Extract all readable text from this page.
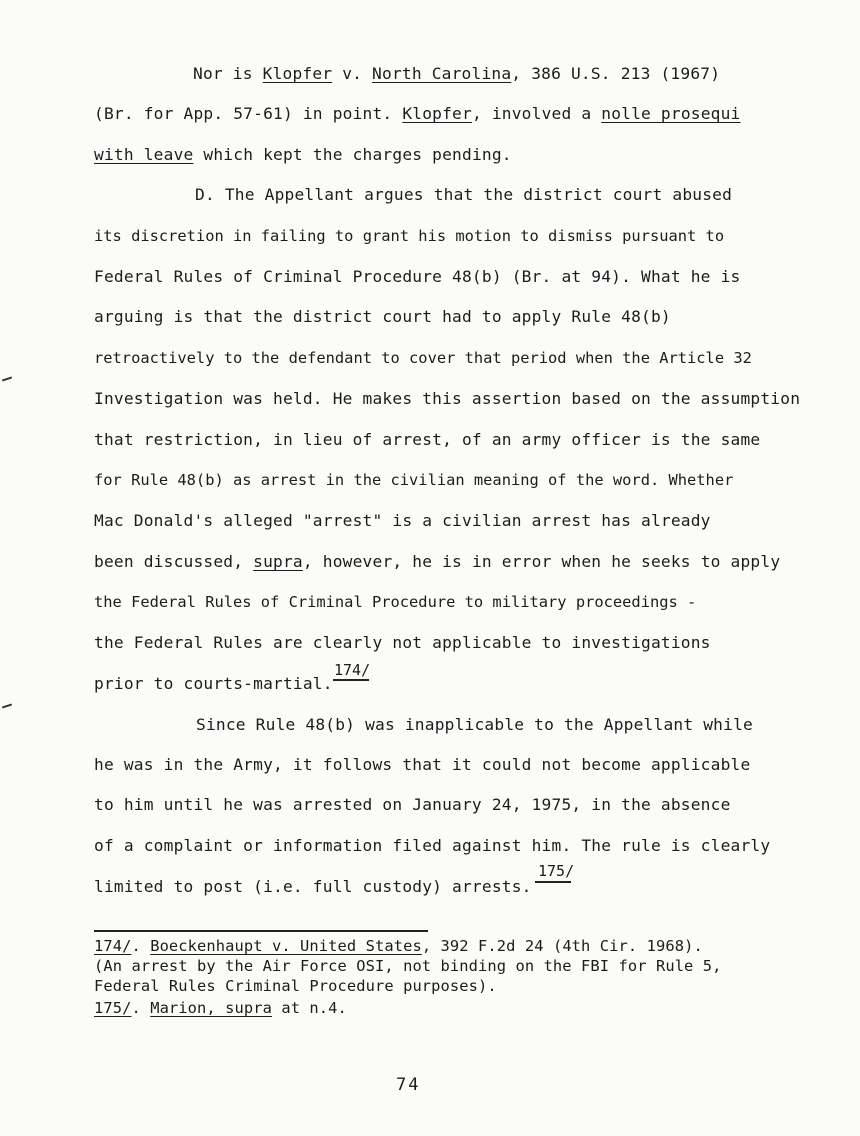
Nor is Klopfer v. North Carolina, 386 U.S. 213 (1967)
(Br. for App. 57-61) in point. Klopfer, involved a nolle prosequi
with leave which kept the charges pending.
D. The Appellant argues that the district court abused
its discretion in failing to grant his motion to dismiss pursuant to
Federal Rules of Criminal Procedure 48(b) (Br. at 94). What he is
arguing is that the district court had to apply Rule 48(b)
retroactively to the defendant to cover that period when the Article 32
Investigation was held. He makes this assertion based on the assumption
that restriction, in lieu of arrest, of an army officer is the same
for Rule 48(b) as arrest in the civilian meaning of the word. Whether
Mac Donald's alleged "arrest" is a civilian arrest has already
been discussed, supra, however, he is in error when he seeks to apply
the Federal Rules of Criminal Procedure to military proceedings -
the Federal Rules are clearly not applicable to investigations
prior to courts-martial.
174/
Since Rule 48(b) was inapplicable to the Appellant while
he was in the Army, it follows that it could not become applicable
to him until he was arrested on January 24, 1975, in the absence
of a complaint or information filed against him. The rule is clearly
limited to post (i.e. full custody) arrests.
175/
174/. Boeckenhaupt v. United States, 392 F.2d 24 (4th Cir. 1968).
(An arrest by the Air Force OSI, not binding on the FBI for Rule 5,
Federal Rules Criminal Procedure purposes).
175/. Marion, supra at n.4.
74
